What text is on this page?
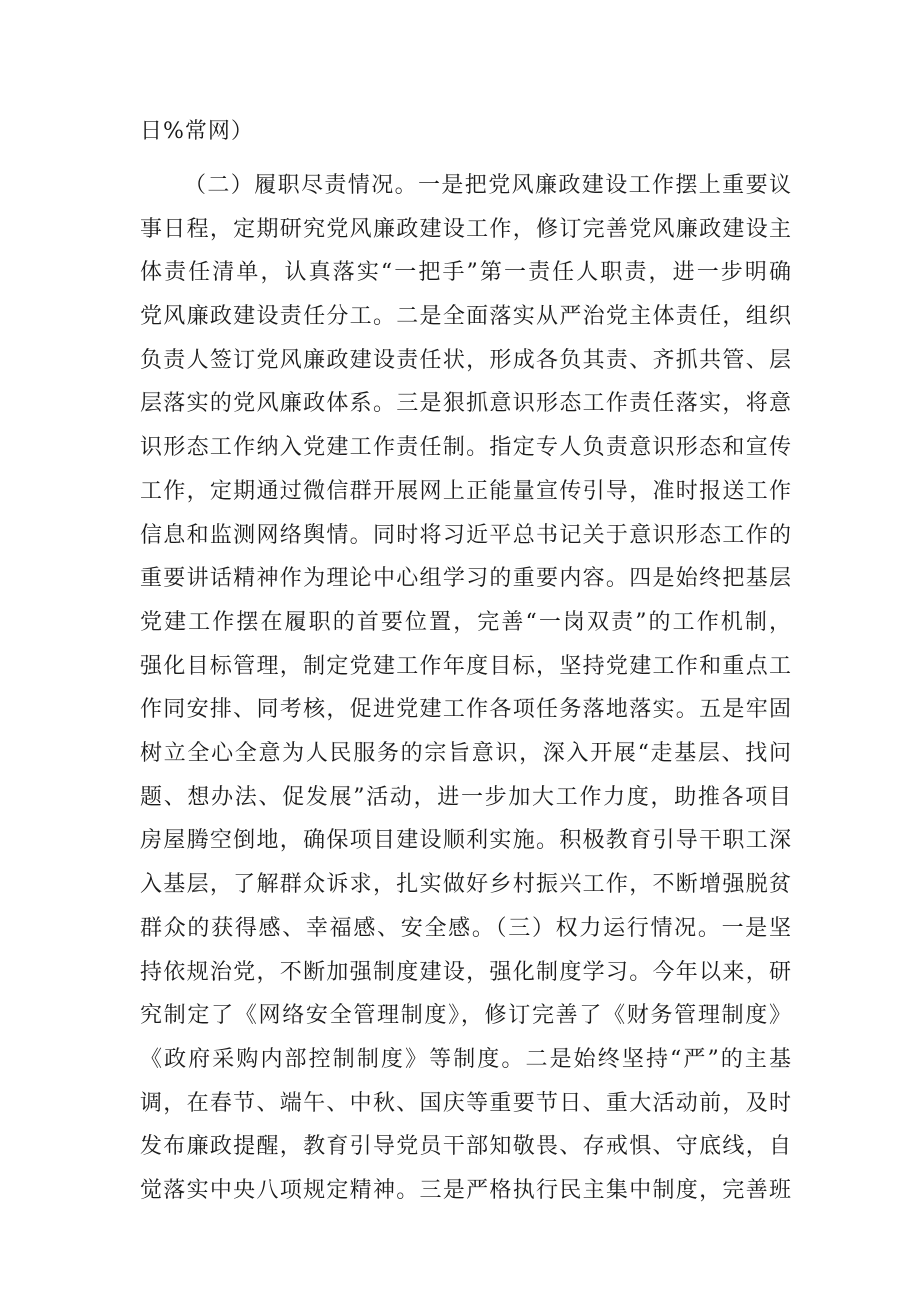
日%常网）
（二）履职尽责情况。一是把党风廉政建设工作摆上重要议
事日程，定期研究党风廉政建设工作，修订完善党风廉政建设主
体责任清单，认真落实“一把手”第一责任人职责，进一步明确
党风廉政建设责任分工。二是全面落实从严治党主体责任，组织
负责人签订党风廉政建设责任状，形成各负其责、齐抓共管、层
层落实的党风廉政体系。三是狠抓意识形态工作责任落实，将意
识形态工作纳入党建工作责任制。指定专人负责意识形态和宣传
工作，定期通过微信群开展网上正能量宣传引导，准时报送工作
信息和监测网络舆情。同时将习近平总书记关于意识形态工作的
重要讲话精神作为理论中心组学习的重要内容。四是始终把基层
党建工作摆在履职的首要位置，完善“一岗双责”的工作机制，
强化目标管理，制定党建工作年度目标，坚持党建工作和重点工
作同安排、同考核，促进党建工作各项任务落地落实。五是牢固
树立全心全意为人民服务的宗旨意识，深入开展“走基层、找问
题、想办法、促发展”活动，进一步加大工作力度，助推各项目
房屋腾空倒地，确保项目建设顺利实施。积极教育引导干职工深
入基层，了解群众诉求，扎实做好乡村振兴工作，不断增强脱贫
群众的获得感、幸福感、安全感。（三）权力运行情况。一是坚
持依规治党，不断加强制度建设，强化制度学习。今年以来，研
究制定了《网络安全管理制度》，修订完善了《财务管理制度》
《政府采购内部控制制度》等制度。二是始终坚持“严”的主基
调，在春节、端午、中秋、国庆等重要节日、重大活动前，及时
发布廉政提醒，教育引导党员干部知敬畏、存戒惧、守底线，自
觉落实中央八项规定精神。三是严格执行民主集中制度，完善班
